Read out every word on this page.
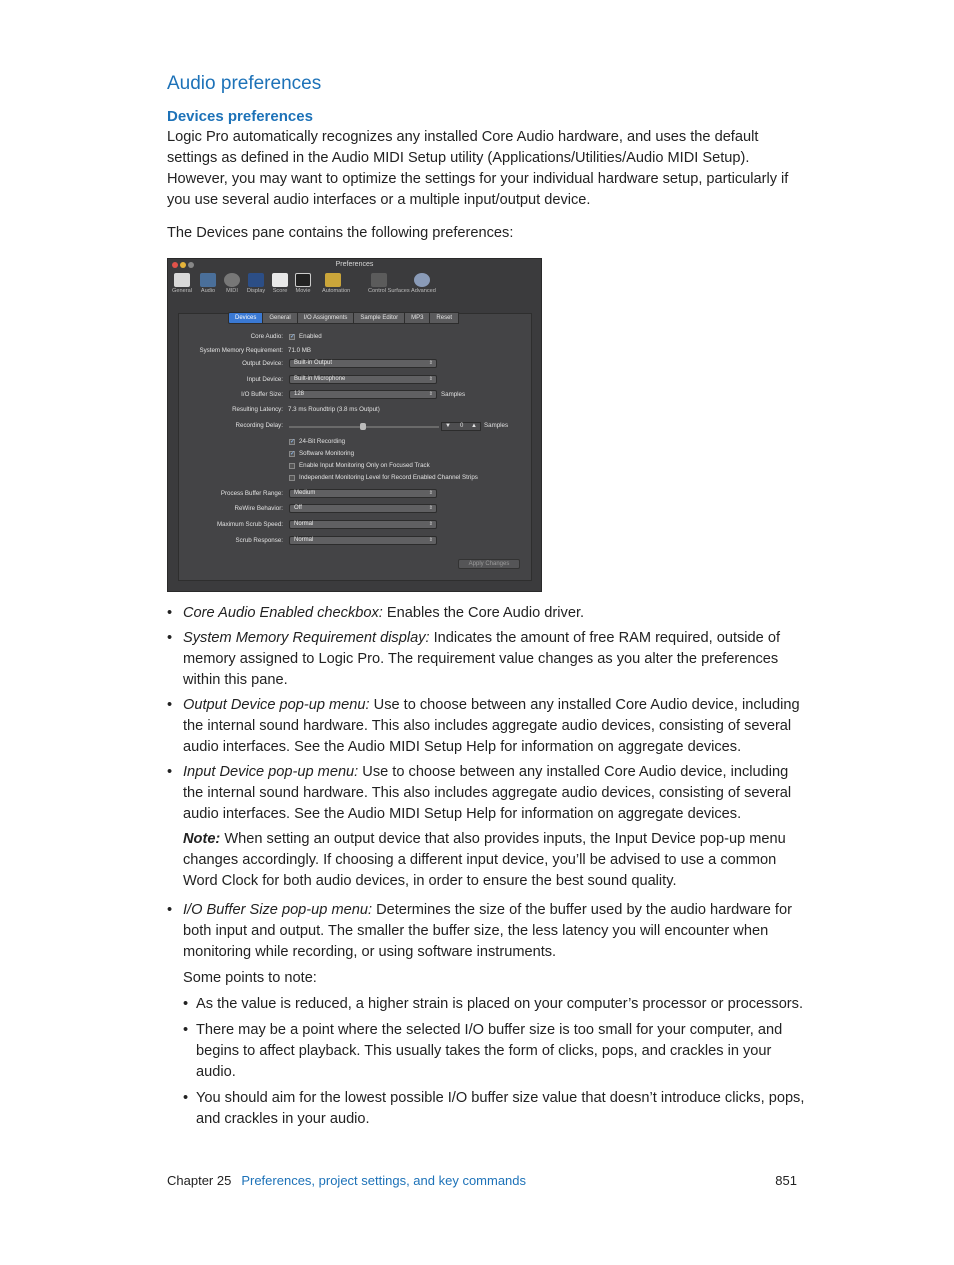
Audio preferences
Devices preferences
Logic Pro automatically recognizes any installed Core Audio hardware, and uses the default settings as defined in the Audio MIDI Setup utility (Applications/Utilities/Audio MIDI Setup). However, you may want to optimize the settings for your individual hardware setup, particularly if you use several audio interfaces or a multiple input/output device.
The Devices pane contains the following preferences:
Preferences
General	Audio	MIDI	Display	Score	Movie	Automation	Control Surfaces Advanced
Devices	General	I/O Assignments	Sample Editor	MP3	Reset
Core Audio: ✓ Enabled
System Memory Requirement: 71.0 MB
Output Device:	Built-in Output	⇕
Input Device:	Built-in Microphone	⇕
I/O Buffer Size:	128	⇕ Samples
Resulting Latency: 7.3 ms Roundtrip (3.8 ms Output)
Recording Delay:	▼ 0 ▲ Samples
✓ 24-Bit Recording
✓ Software Monitoring
Enable Input Monitoring Only on Focused Track
Independent Monitoring Level for Record Enabled Channel Strips
Process Buffer Range:	Medium	⇕
ReWire Behavior:	Off	⇕
Maximum Scrub Speed:	Normal	⇕
Scrub Response:	Normal	⇕
Apply Changes
• Core Audio Enabled checkbox: Enables the Core Audio driver.
• System Memory Requirement display: Indicates the amount of free RAM required, outside of memory assigned to Logic Pro. The requirement value changes as you alter the preferences within this pane.
• Output Device pop-up menu: Use to choose between any installed Core Audio device, including the internal sound hardware. This also includes aggregate audio devices, consisting of several audio interfaces. See the Audio MIDI Setup Help for information on aggregate devices.
• Input Device pop-up menu: Use to choose between any installed Core Audio device, including the internal sound hardware. This also includes aggregate audio devices, consisting of several audio interfaces. See the Audio MIDI Setup Help for information on aggregate devices.
Note: When setting an output device that also provides inputs, the Input Device pop-up menu changes accordingly. If choosing a different input device, you’ll be advised to use a common Word Clock for both audio devices, in order to ensure the best sound quality.
• I/O Buffer Size pop-up menu: Determines the size of the buffer used by the audio hardware for both input and output. The smaller the buffer size, the less latency you will encounter when monitoring while recording, or using software instruments.
Some points to note:
• As the value is reduced, a higher strain is placed on your computer’s processor or processors.
• There may be a point where the selected I/O buffer size is too small for your computer, and begins to affect playback. This usually takes the form of clicks, pops, and crackles in your audio.
• You should aim for the lowest possible I/O buffer size value that doesn’t introduce clicks, pops, and crackles in your audio.
Chapter 25 Preferences, project settings, and key commands	851
